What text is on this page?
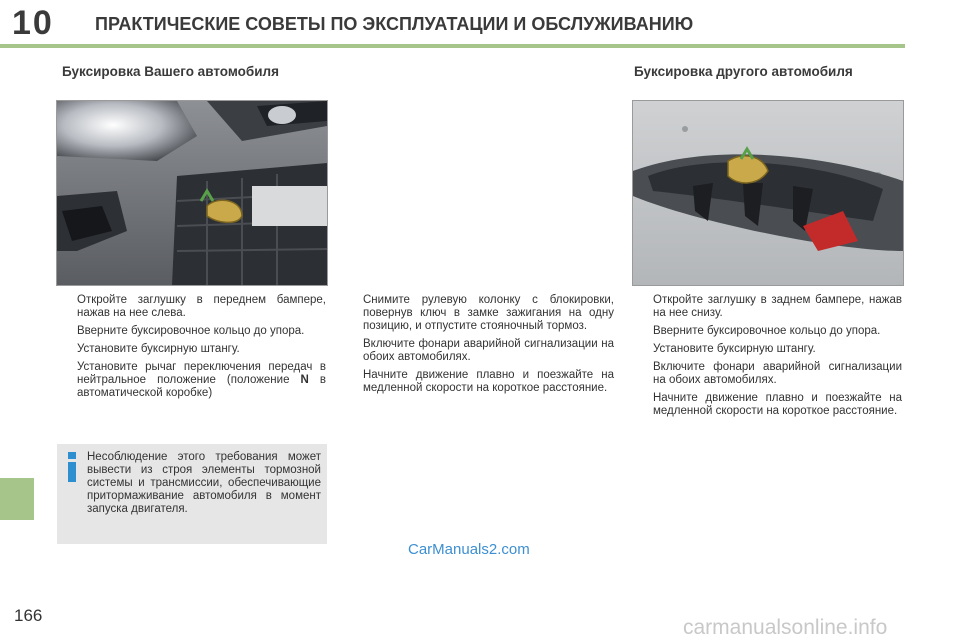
10 ПРАКТИЧЕСКИЕ СОВЕТЫ ПО ЭКСПЛУАТАЦИИ И ОБСЛУЖИВАНИЮ
Буксировка Вашего автомобиля
Откройте заглушку в переднем бампере, нажав на нее слева.
Вверните буксировочное кольцо до упора.
Установите буксирную штангу.
Установите рычаг переключения передач в нейтральное положение (положение N в автоматической коробке)
Несоблюдение этого требования может вывести из строя элементы тормозной системы и трансмиссии, обеспечивающие притормаживание автомобиля в момент запуска двигателя.
Снимите рулевую колонку с блокировки, повернув ключ в замке зажигания на одну позицию, и отпустите стояночный тормоз.
Включите фонари аварийной сигнализации на обоих автомобилях.
Начните движение плавно и поезжайте на медленной скорости на короткое расстояние.
Буксировка другого автомобиля
Откройте заглушку в заднем бампере, нажав на нее снизу.
Вверните буксировочное кольцо до упора.
Установите буксирную штангу.
Включите фонари аварийной сигнализации на обоих автомобилях.
Начните движение плавно и поезжайте на медленной скорости на короткое расстояние.
CarManuals2.com
carmanualsonline.info
166
